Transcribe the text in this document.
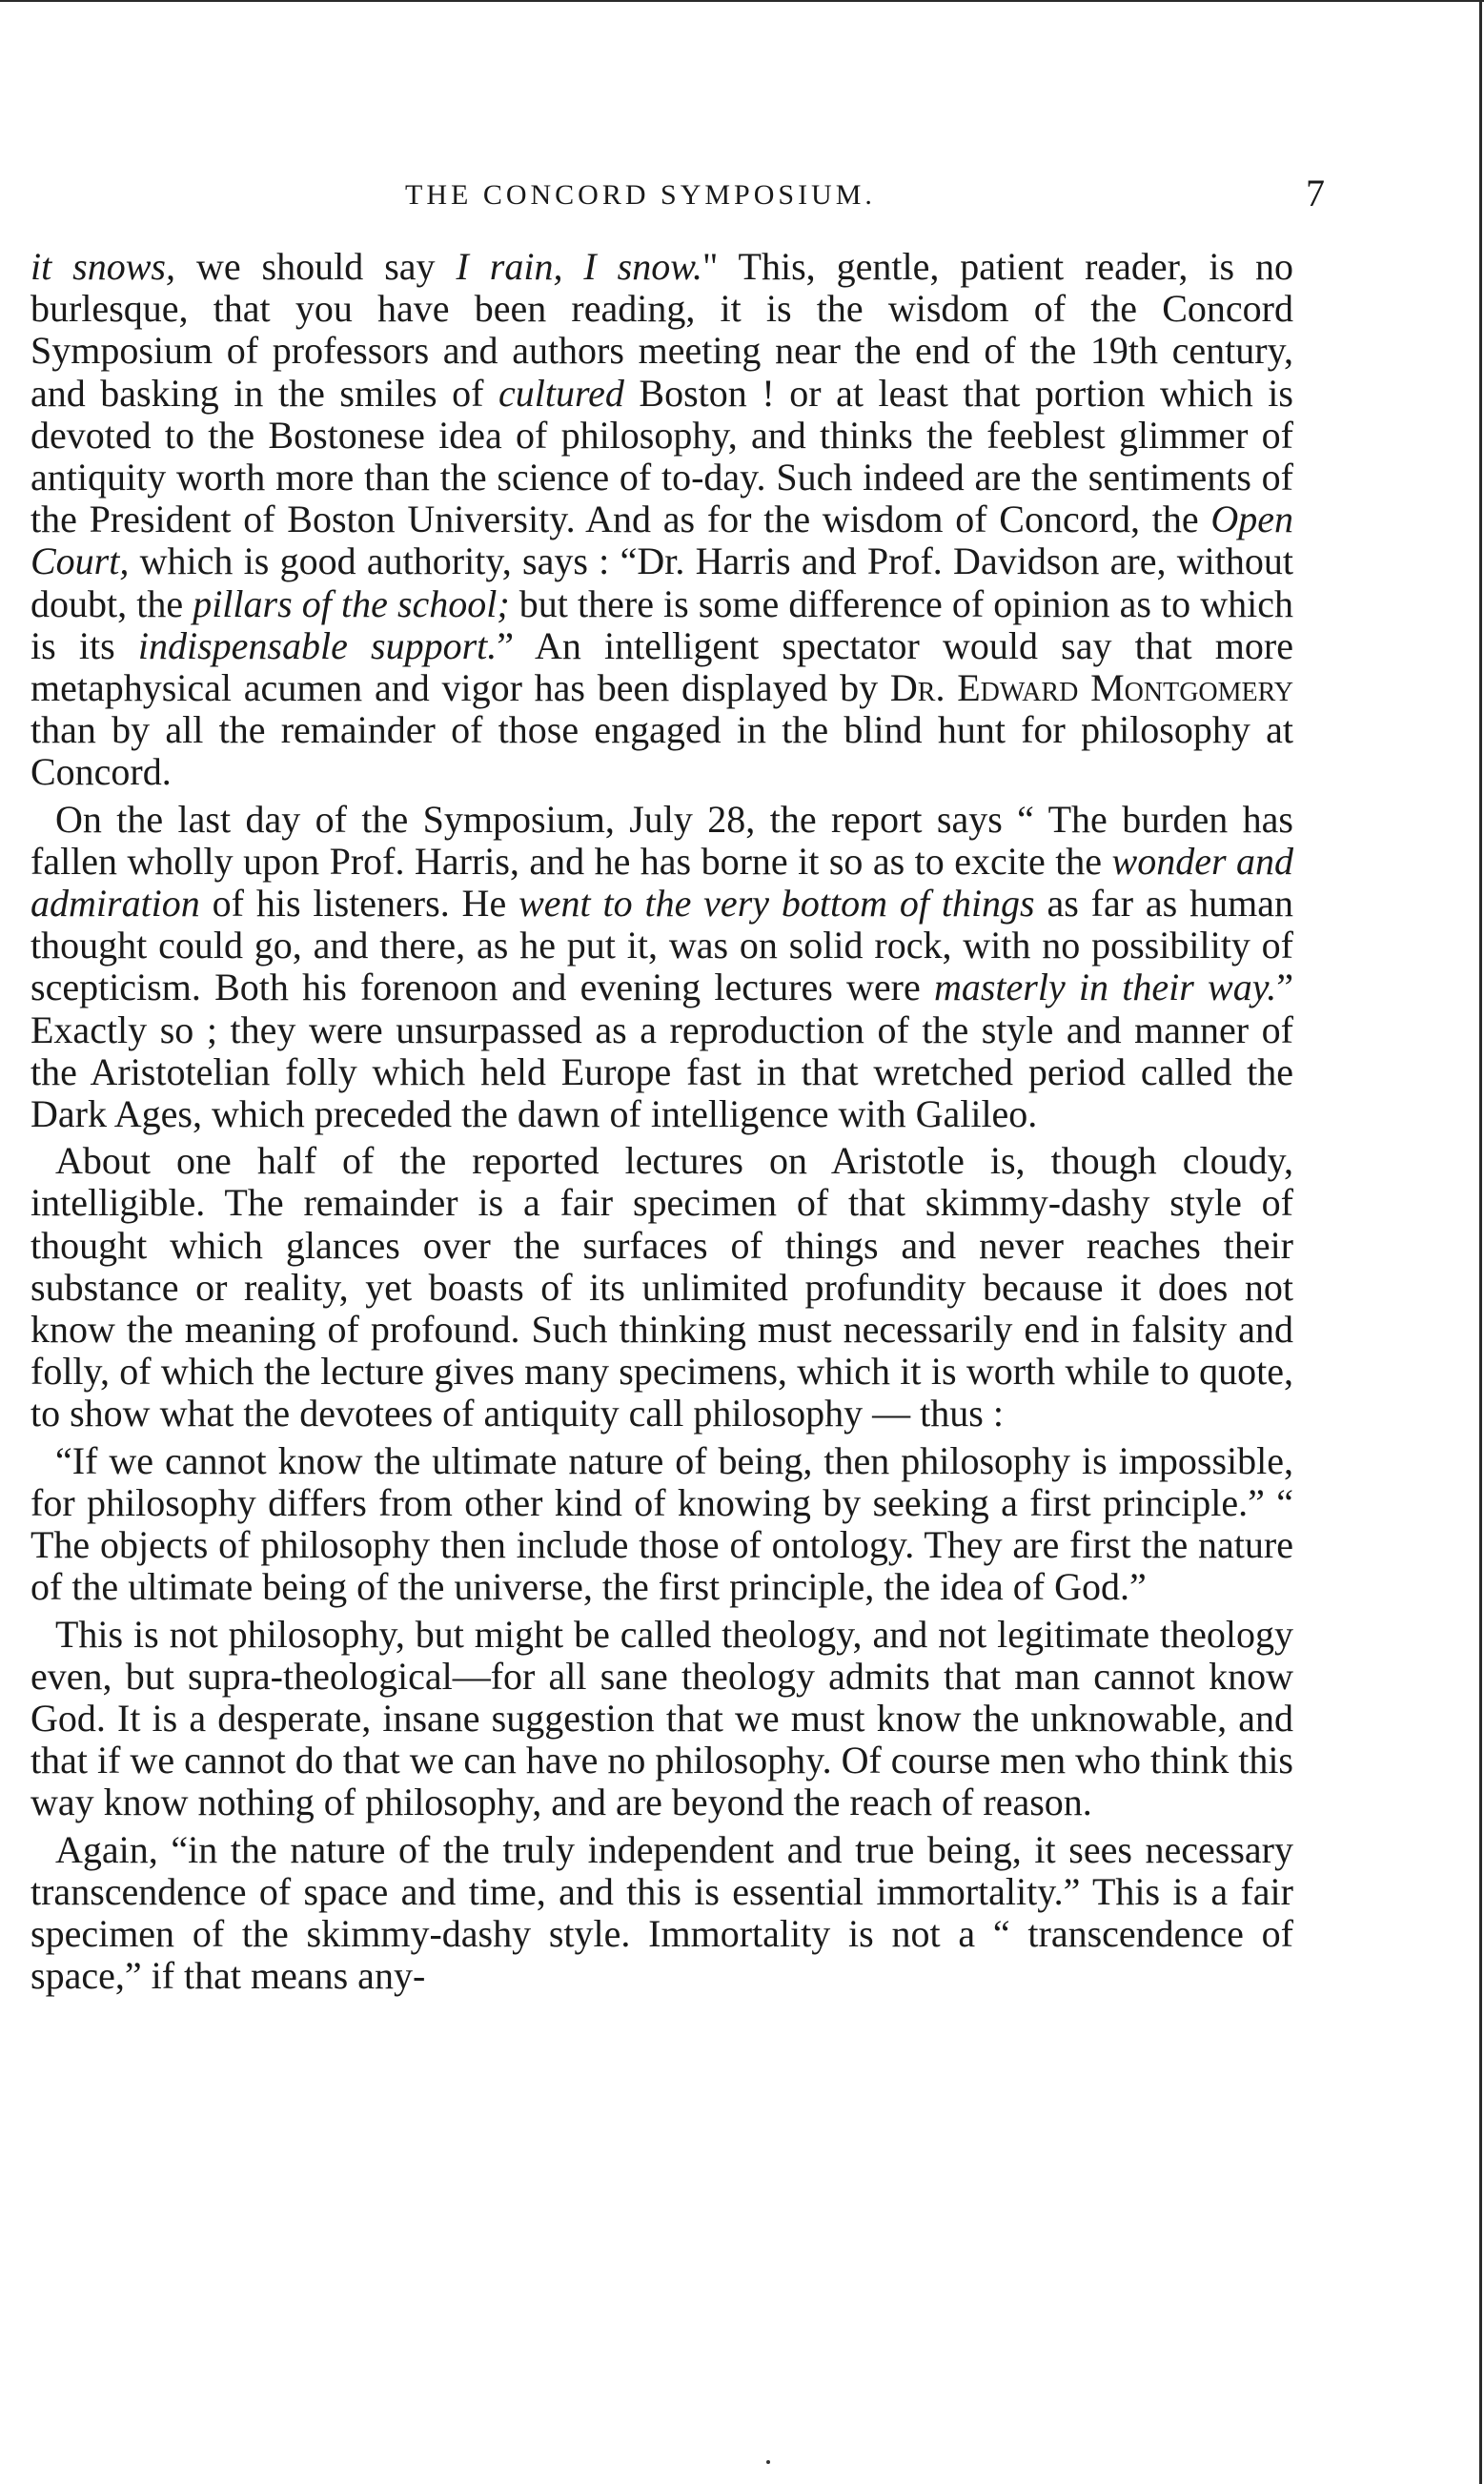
THE CONCORD SYMPOSIUM.	7

it snows, we should say I rain, I snow." This, gentle, patient reader, is no burlesque, that you have been reading, it is the wisdom of the Concord Symposium of professors and authors meeting near the end of the 19th century, and basking in the smiles of cultured Boston ! or at least that portion which is devoted to the Bostonese idea of philosophy, and thinks the feeblest glimmer of antiquity worth more than the science of to-day. Such indeed are the sentiments of the President of Boston University. And as for the wisdom of Concord, the Open Court, which is good authority, says : “Dr. Harris and Prof. Davidson are, without doubt, the pillars of the school; but there is some difference of opinion as to which is its indispensable support.” An intelligent spectator would say that more metaphysical acumen and vigor has been displayed by Dr. Edward Montgomery than by all the remainder of those engaged in the blind hunt for philosophy at Concord.

On the last day of the Symposium, July 28, the report says “ The burden has fallen wholly upon Prof. Harris, and he has borne it so as to excite the wonder and admiration of his listeners. He went to the very bottom of things as far as human thought could go, and there, as he put it, was on solid rock, with no possibility of scepticism. Both his forenoon and evening lectures were masterly in their way.” Exactly so ; they were unsurpassed as a reproduction of the style and manner of the Aristotelian folly which held Europe fast in that wretched period called the Dark Ages, which preceded the dawn of intelligence with Galileo.

About one half of the reported lectures on Aristotle is, though cloudy, intelligible. The remainder is a fair specimen of that skimmy-dashy style of thought which glances over the surfaces of things and never reaches their substance or reality, yet boasts of its unlimited profundity because it does not know the meaning of profound. Such thinking must necessarily end in falsity and folly, of which the lecture gives many specimens, which it is worth while to quote, to show what the devotees of antiquity call philosophy — thus :

“If we cannot know the ultimate nature of being, then philosophy is impossible, for philosophy differs from other kind of knowing by seeking a first principle.” “ The objects of philosophy then include those of ontology. They are first the nature of the ultimate being of the universe, the first principle, the idea of God.”

This is not philosophy, but might be called theology, and not legitimate theology even, but supra-theological—for all sane theology admits that man cannot know God. It is a desperate, insane suggestion that we must know the unknowable, and that if we cannot do that we can have no philosophy. Of course men who think this way know nothing of philosophy, and are beyond the reach of reason.

Again, “in the nature of the truly independent and true being, it sees necessary transcendence of space and time, and this is essential immortality.” This is a fair specimen of the skimmy-dashy style. Immortality is not a “ transcendence of space,” if that means any-
